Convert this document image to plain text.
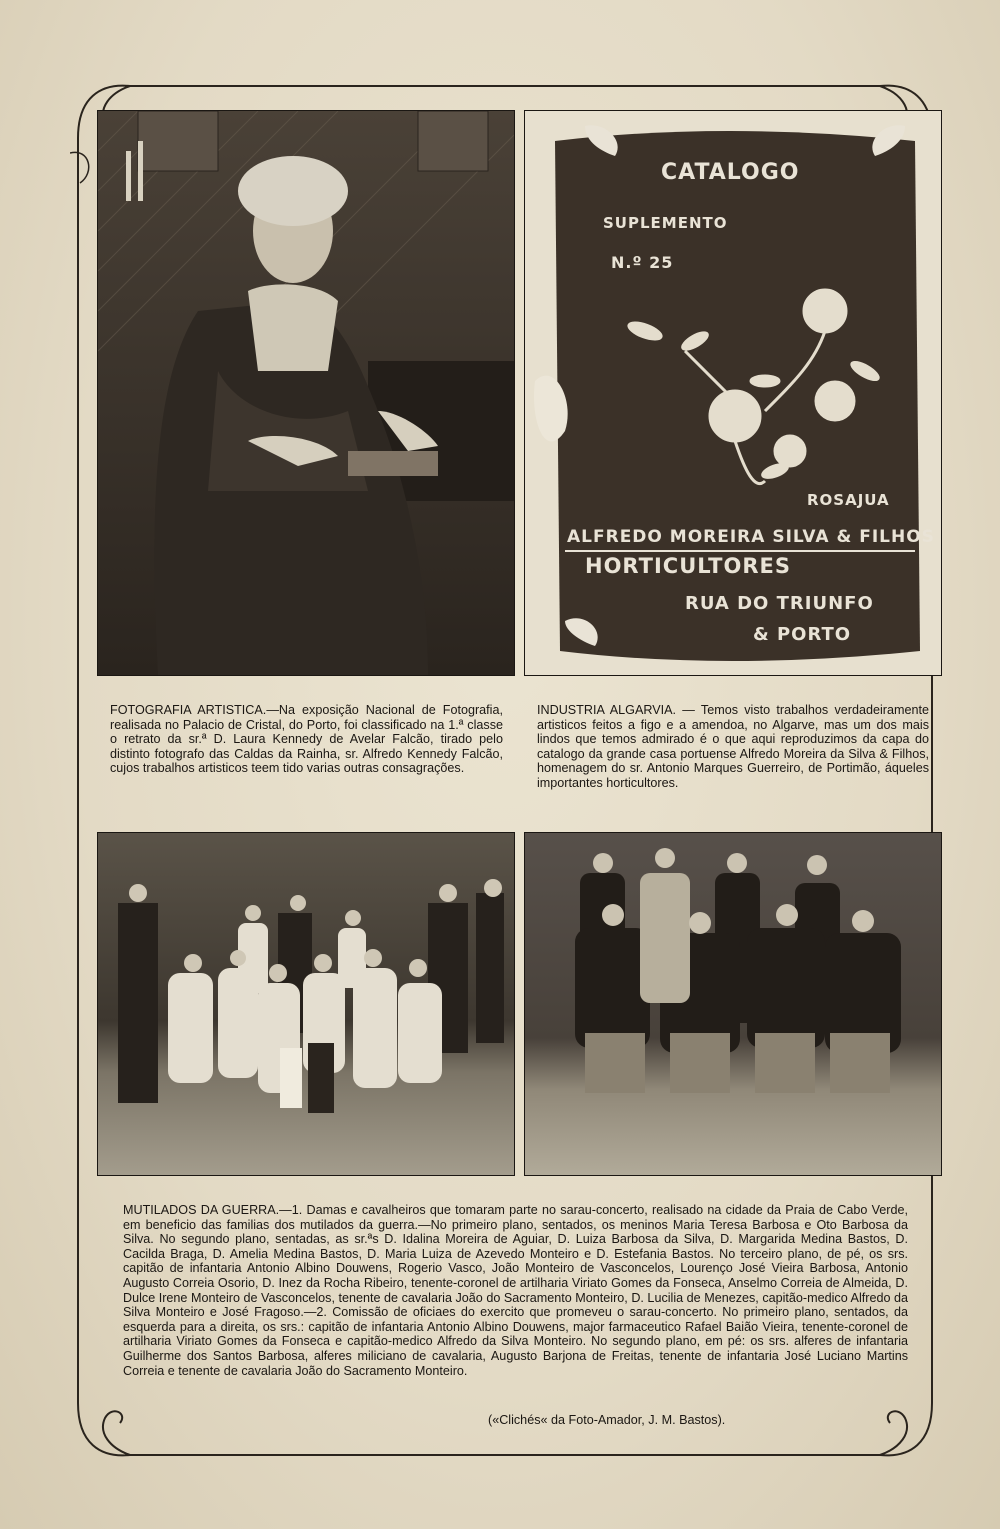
CATALOGO
SUPLEMENTO
N.º 25
ROSAJUA
ALFREDO MOREIRA SILVA & FILHOS
HORTICULTORES
RUA DO TRIUNFO
& PORTO
FOTOGRAFIA ARTISTICA.—Na exposição Nacional de Fotografia, realisada no Palacio de Cristal, do Porto, foi classificado na 1.ª classe o retrato da sr.ª D. Laura Kennedy de Avelar Falcão, tirado pelo distinto fotografo das Caldas da Rainha, sr. Alfredo Kennedy Falcão, cujos trabalhos artisticos teem tido varias outras consagrações.
INDUSTRIA ALGARVIA. — Temos visto trabalhos verdadeiramente artisticos feitos a figo e a amendoa, no Algarve, mas um dos mais lindos que temos admirado é o que aqui reproduzimos da capa do catalogo da grande casa portuense Alfredo Moreira da Silva & Filhos, homenagem do sr. Antonio Marques Guerreiro, de Portimão, áqueles importantes horticultores.
MUTILADOS DA GUERRA.—1. Damas e cavalheiros que tomaram parte no sarau-concerto, realisado na cidade da Praia de Cabo Verde, em beneficio das familias dos mutilados da guerra.—No primeiro plano, sentados, os meninos Maria Teresa Barbosa e Oto Barbosa da Silva. No segundo plano, sentadas, as sr.ªs D. Idalina Moreira de Aguiar, D. Luiza Barbosa da Silva, D. Margarida Medina Bastos, D. Cacilda Braga, D. Amelia Medina Bastos, D. Maria Luiza de Azevedo Monteiro e D. Estefania Bastos. No terceiro plano, de pé, os srs. capitão de infantaria Antonio Albino Douwens, Rogerio Vasco, João Monteiro de Vasconcelos, Lourenço José Vieira Barbosa, Antonio Augusto Correia Osorio, D. Inez da Rocha Ribeiro, tenente-coronel de artilharia Viriato Gomes da Fonseca, Anselmo Correia de Almeida, D. Dulce Irene Monteiro de Vasconcelos, tenente de cavalaria João do Sacramento Monteiro, D. Lucilia de Menezes, capitão-medico Alfredo da Silva Monteiro e José Fragoso.—2. Comissão de oficiaes do exercito que promeveu o sarau-concerto. No primeiro plano, sentados, da esquerda para a direita, os srs.: capitão de infantaria Antonio Albino Douwens, major farmaceutico Rafael Baião Vieira, tenente-coronel de artilharia Viriato Gomes da Fonseca e capitão-medico Alfredo da Silva Monteiro. No segundo plano, em pé: os srs. alferes de infantaria Guilherme dos Santos Barbosa, alferes miliciano de cavalaria, Augusto Barjona de Freitas, tenente de infantaria José Luciano Martins Correia e tenente de cavalaria João do Sacramento Monteiro.
(«Clichés« da Foto-Amador, J. M. Bastos).
